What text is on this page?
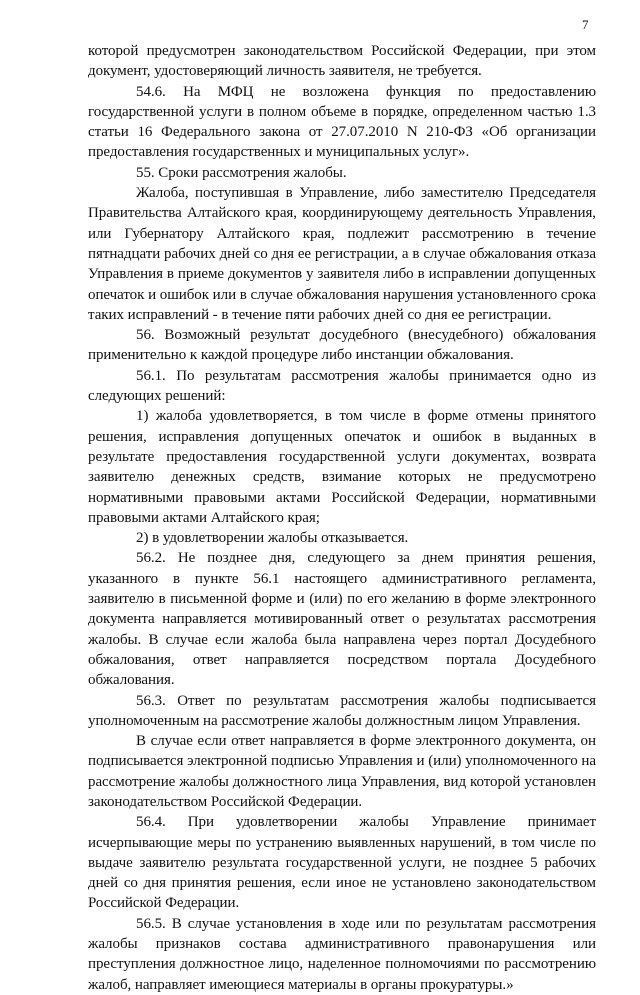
7

которой предусмотрен законодательством Российской Федерации, при этом документ, удостоверяющий личность заявителя, не требуется.

54.6. На МФЦ не возложена функция по предоставлению государственной услуги в полном объеме в порядке, определенном частью 1.3 статьи 16 Федерального закона от 27.07.2010 N 210-ФЗ «Об организации предоставления государственных и муниципальных услуг».

55. Сроки рассмотрения жалобы.

Жалоба, поступившая в Управление, либо заместителю Председателя Правительства Алтайского края, координирующему деятельность Управления, или Губернатору Алтайского края, подлежит рассмотрению в течение пятнадцати рабочих дней со дня ее регистрации, а в случае обжалования отказа Управления в приеме документов у заявителя либо в исправлении допущенных опечаток и ошибок или в случае обжалования нарушения установленного срока таких исправлений - в течение пяти рабочих дней со дня ее регистрации.

56. Возможный результат досудебного (внесудебного) обжалования применительно к каждой процедуре либо инстанции обжалования.

56.1. По результатам рассмотрения жалобы принимается одно из следующих решений:

1) жалоба удовлетворяется, в том числе в форме отмены принятого решения, исправления допущенных опечаток и ошибок в выданных в результате предоставления государственной услуги документах, возврата заявителю денежных средств, взимание которых не предусмотрено нормативными правовыми актами Российской Федерации, нормативными правовыми актами Алтайского края;

2) в удовлетворении жалобы отказывается.

56.2. Не позднее дня, следующего за днем принятия решения, указанного в пункте 56.1 настоящего административного регламента, заявителю в письменной форме и (или) по его желанию в форме электронного документа направляется мотивированный ответ о результатах рассмотрения жалобы. В случае если жалоба была направлена через портал Досудебного обжалования, ответ направляется посредством портала Досудебного обжалования.

56.3. Ответ по результатам рассмотрения жалобы подписывается уполномоченным на рассмотрение жалобы должностным лицом Управления.

В случае если ответ направляется в форме электронного документа, он подписывается электронной подписью Управления и (или) уполномоченного на рассмотрение жалобы должностного лица Управления, вид которой установлен законодательством Российской Федерации.

56.4. При удовлетворении жалобы Управление принимает исчерпывающие меры по устранению выявленных нарушений, в том числе по выдаче заявителю результата государственной услуги, не позднее 5 рабочих дней со дня принятия решения, если иное не установлено законодательством Российской Федерации.

56.5. В случае установления в ходе или по результатам рассмотрения жалобы признаков состава административного правонарушения или преступления должностное лицо, наделенное полномочиями по рассмотрению жалоб, направляет имеющиеся материалы в органы прокуратуры.»
